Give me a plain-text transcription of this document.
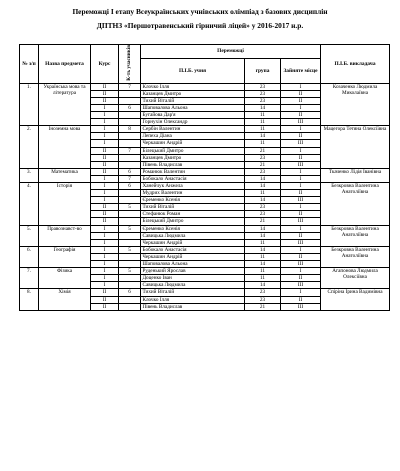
Переможці І етапу Всеукраїнських учнівських олімпіад з базових дисциплін
ДПТНЗ «Першотравенський гірничий ліцей» у 2016-2017 н.р.
№ з/п	Назва предмета	Курс	К-ть учасників	Переможці			П.І.Б. викладача
				П.І.Б. учня	група	Зайняте місце	
1.	Українська мова та література	ІІ	7	Клочко Ілля	23	І	Козаченко Людмила Миколаївна
		ІІ		Казанцев Дмитро	23	ІІ	
		ІІ		Тихий Віталій	23	ІІ	
		І	6	Шаповалова Альона	14	І	
		І		Бугайова Дар'я	11	ІІ	
		І		Горнухін Олександр	11	ІІІ	
2.	Іноземна мова	І	8	Сербін Валентин	11	І	Мацегора Тетяна Олексіївна
		І		Лепеха Діана	14	ІІ	
		І		Черкашин Андрій	11	ІІІ	
		ІІ	7	Білецький Дмитро	21	І	
		ІІ		Казанцев Дмитро	23	ІІ	
		ІІ		Півень Владислав	21	ІІІ	
3.	Математика	ІІ	6	Романюк Валентин	23	І	Ткаченко Лідія Іванівна
		І	7	Бобокало Анастасія	14	І	
4.	Історія	І	6	Ханейчук Анжела	14	І	Безкровна Валентина Анатоліївна
		І		Мудрих Валентин	11	ІІ	
		І		Єременко Ксенія	14	ІІІ	
		ІІ	5	Тихий Віталій	23	І	
		ІІ		Стефанюк Роман	23	ІІ	
		ІІ		Білецький Дмитро	21	ІІІ	
5.	Правознавст-во	І	5	Єременко Ксенія	14	І	Безкровна Валентина Анатоліївна
		І		Савицька Людмила	14	ІІ	
		І		Черкашин Андрій	11	ІІІ	
6.	Географія	І	5	Бобокало Анастасія	14	І	Безкровна Валентина Анатоліївна
		І		Черкашин Андрій	11	ІІ	
		І		Шаповалова Альона	14	ІІІ	
7.	Фізика	І	5	Руденький Ярослав	11	І	Агапонова Людмила Олексіївна
		І		Доценко Іван	11	ІІ	
		І		Савицька Людмила	14	ІІІ	
8.	Хімія	ІІ	6	Тихий Віталій	23	І	Спіріна Ірина Вадимівна
		ІІ		Клочко Ілля	23	ІІ	
		ІІ		Півень Владислав	21	ІІІ	
